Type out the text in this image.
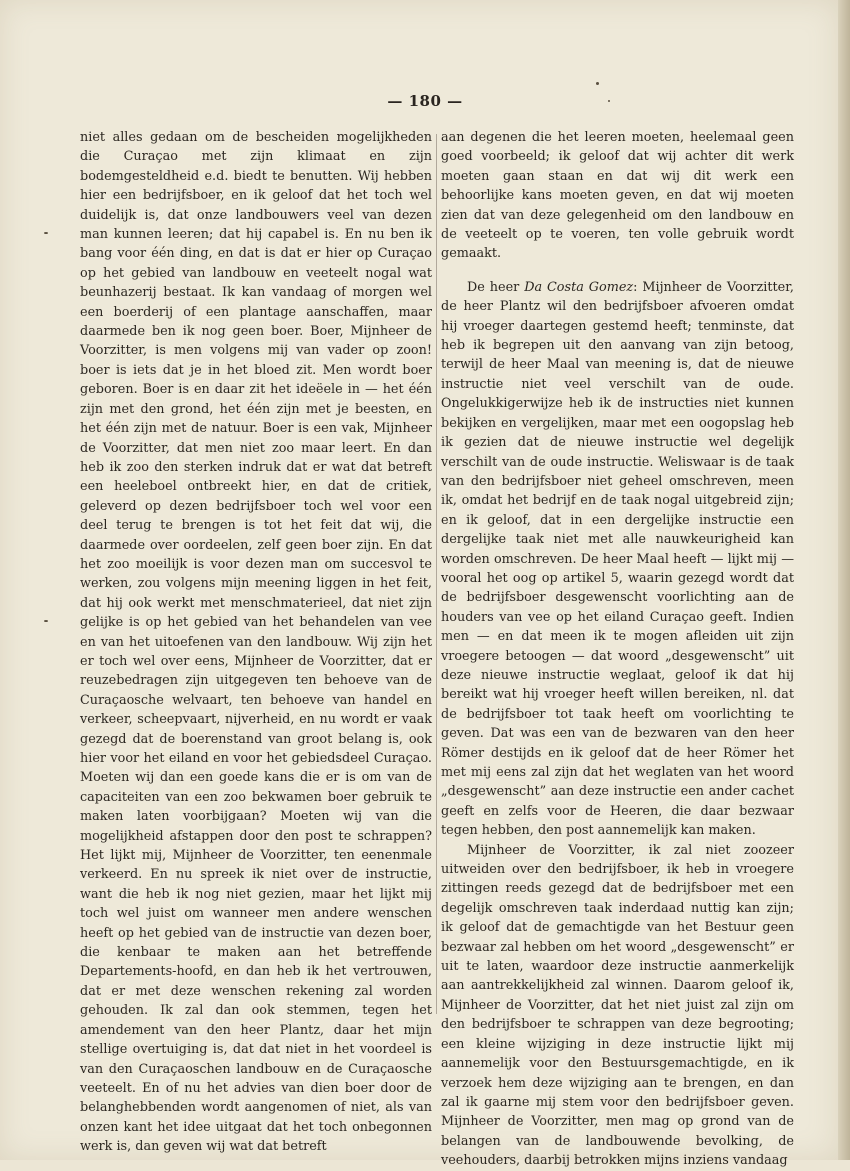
— 180 —

niet alles gedaan om de bescheiden mogelijkheden die Curaçao met zijn klimaat en zijn bodemgesteldheid e.d. biedt te benutten. Wij hebben hier een bedrijfsboer, en ik geloof dat het toch wel duidelijk is, dat onze landbouwers veel van dezen man kunnen leeren; dat hij capabel is. En nu ben ik bang voor één ding, en dat is dat er hier op Curaçao op het gebied van landbouw en veeteelt nogal wat beunhazerij bestaat. Ik kan vandaag of morgen wel een boerderij of een plantage aanschaffen, maar daarmede ben ik nog geen boer. Boer, Mijnheer de Voorzitter, is men volgens mij van vader op zoon! boer is iets dat je in het bloed zit. Men wordt boer geboren. Boer is en daar zit het ideëele in — het één zijn met den grond, het één zijn met je beesten, en het één zijn met de natuur. Boer is een vak, Mijnheer de Voorzitter, dat men niet zoo maar leert. En dan heb ik zoo den sterken indruk dat er wat dat betreft een heeleboel ontbreekt hier, en dat de critiek, geleverd op dezen bedrijfsboer toch wel voor een deel terug te brengen is tot het feit dat wij, die daarmede over oordeelen, zelf geen boer zijn. En dat het zoo moeilijk is voor dezen man om succesvol te werken, zou volgens mijn meening liggen in het feit, dat hij ook werkt met menschmaterieel, dat niet zijn gelijke is op het gebied van het behandelen van vee en van het uitoefenen van den landbouw. Wij zijn het er toch wel over eens, Mijnheer de Voorzitter, dat er reuzebedragen zijn uitgegeven ten behoeve van de Curaçaosche welvaart, ten behoeve van handel en verkeer, scheepvaart, nijverheid, en nu wordt er vaak gezegd dat de boerenstand van groot belang is, ook hier voor het eiland en voor het gebiedsdeel Curaçao. Moeten wij dan een goede kans die er is om van de capaciteiten van een zoo bekwamen boer gebruik te maken laten voorbijgaan? Moeten wij van die mogelijkheid afstappen door den post te schrappen? Het lijkt mij, Mijnheer de Voorzitter, ten eenenmale verkeerd. En nu spreek ik niet over de instructie, want die heb ik nog niet gezien, maar het lijkt mij toch wel juist om wanneer men andere wenschen heeft op het gebied van de instructie van dezen boer, die kenbaar te maken aan het betreffende Departements-hoofd, en dan heb ik het vertrouwen, dat er met deze wenschen rekening zal worden gehouden. Ik zal dan ook stemmen, tegen het amendement van den heer Plantz, daar het mijn stellige overtuiging is, dat dat niet in het voordeel is van den Curaçaoschen landbouw en de Curaçaosche veeteelt. En of nu het advies van dien boer door de belanghebbenden wordt aangenomen of niet, als van onzen kant het idee uitgaat dat het toch onbegonnen werk is, dan geven wij wat dat betreft

aan degenen die het leeren moeten, heelemaal geen goed voorbeeld; ik geloof dat wij achter dit werk moeten gaan staan en dat wij dit werk een behoorlijke kans moeten geven, en dat wij moeten zien dat van deze gelegenheid om den landbouw en de veeteelt op te voeren, ten volle gebruik wordt gemaakt.

De heer Da Costa Gomez: Mijnheer de Voorzitter, de heer Plantz wil den bedrijfsboer afvoeren omdat hij vroeger daartegen gestemd heeft; tenminste, dat heb ik begrepen uit den aanvang van zijn betoog, terwijl de heer Maal van meening is, dat de nieuwe instructie niet veel verschilt van de oude. Ongelukkigerwijze heb ik de instructies niet kunnen bekijken en vergelijken, maar met een oogopslag heb ik gezien dat de nieuwe instructie wel degelijk verschilt van de oude instructie. Weliswaar is de taak van den bedrijfsboer niet geheel omschreven, meen ik, omdat het bedrijf en de taak nogal uitgebreid zijn; en ik geloof, dat in een dergelijke instructie een dergelijke taak niet met alle nauwkeurigheid kan worden omschreven. De heer Maal heeft — lijkt mij — vooral het oog op artikel 5, waarin gezegd wordt dat de bedrijfsboer desgewenscht voorlichting aan de houders van vee op het eiland Curaçao geeft. Indien men — en dat meen ik te mogen afleiden uit zijn vroegere betoogen — dat woord „desgewenscht” uit deze nieuwe instructie weglaat, geloof ik dat hij bereikt wat hij vroeger heeft willen bereiken, nl. dat de bedrijfsboer tot taak heeft om voorlichting te geven. Dat was een van de bezwaren van den heer Römer destijds en ik geloof dat de heer Römer het met mij eens zal zijn dat het weglaten van het woord „desgewenscht” aan deze instructie een ander cachet geeft en zelfs voor de Heeren, die daar bezwaar tegen hebben, den post aannemelijk kan maken.

Mijnheer de Voorzitter, ik zal niet zoozeer uitweiden over den bedrijfsboer, ik heb in vroegere zittingen reeds gezegd dat de bedrijfsboer met een degelijk omschreven taak inderdaad nuttig kan zijn; ik geloof dat de gemachtigde van het Bestuur geen bezwaar zal hebben om het woord „desgewenscht” er uit te laten, waardoor deze instructie aanmerkelijk aan aantrekkelijkheid zal winnen. Daarom geloof ik, Mijnheer de Voorzitter, dat het niet juist zal zijn om den bedrijfsboer te schrappen van deze begrooting; een kleine wijziging in deze instructie lijkt mij aannemelijk voor den Bestuursgemachtigde, en ik verzoek hem deze wijziging aan te brengen, en dan zal ik gaarne mij stem voor den bedrijfsboer geven. Mijnheer de Voorzitter, men mag op grond van de belangen van de landbouwende bevolking, de veehouders, daarbij betrokken mijns inziens vandaag
